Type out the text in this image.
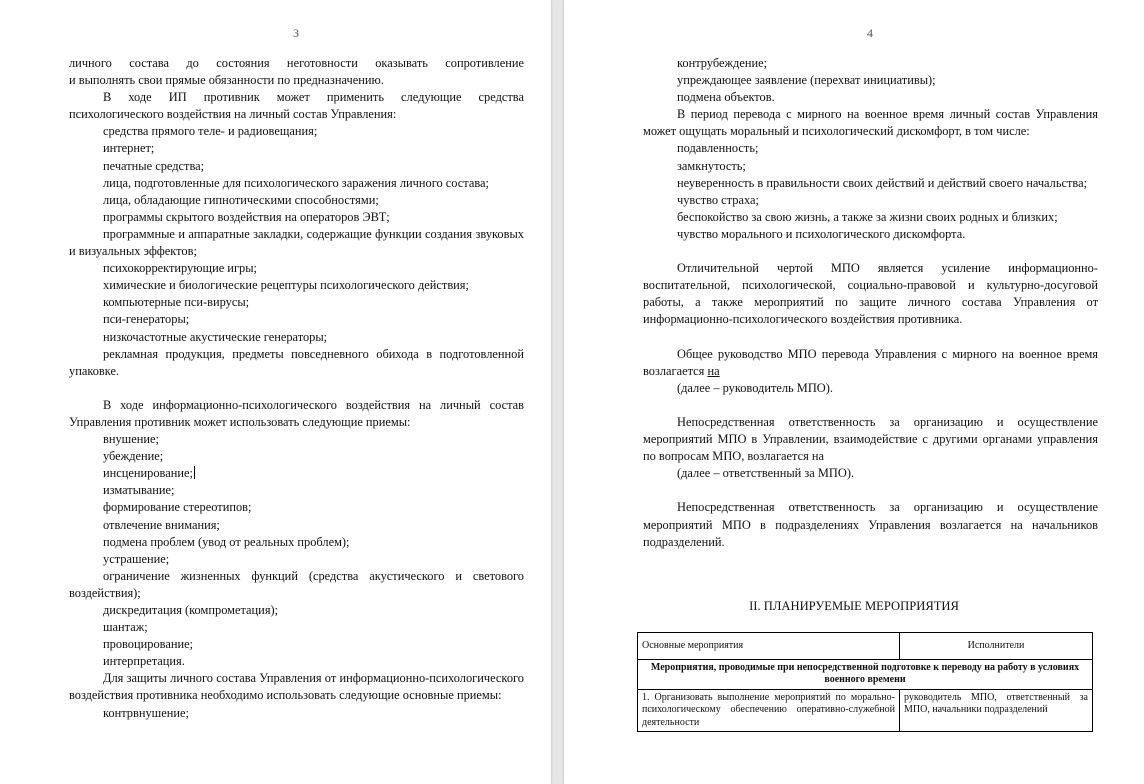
3

личного состава до состояния неготовности оказывать сопротивление

и выполнять свои прямые обязанности по предназначению.

В ходе ИП противник может применить следующие средства психологического воздействия на личный состав Управления:

средства прямого теле- и радиовещания;

интернет;

печатные средства;

лица, подготовленные для психологического заражения личного состава;

лица, обладающие гипнотическими способностями;

программы скрытого воздействия на операторов ЭВТ;

программные и аппаратные закладки, содержащие функции создания звуковых и визуальных эффектов;

психокорректирующие игры;

химические и биологические рецептуры психологического действия;

компьютерные пси-вирусы;

пси-генераторы;

низкочастотные акустические генераторы;

рекламная продукция, предметы повседневного обихода в подготовленной упаковке.

В ходе информационно-психологического воздействия на личный состав Управления противник может использовать следующие приемы:

внушение;

убеждение;

инсценирование;

изматывание;

формирование стереотипов;

отвлечение внимания;

подмена проблем (увод от реальных проблем);

устрашение;

ограничение жизненных функций (средства акустического и светового воздействия);

дискредитация (компрометация);

шантаж;

провоцирование;

интерпретация.

Для защиты личного состава Управления от информационно-психологического воздействия противника необходимо использовать следующие основные приемы:

контрвнушение;

4

контрубеждение;

упреждающее заявление (перехват инициативы);

подмена объектов.

В период перевода с мирного на военное время личный состав Управления может ощущать моральный и психологический дискомфорт, в том числе:

подавленность;

замкнутость;

неуверенность в правильности своих действий и действий своего начальства;

чувство страха;

беспокойство за свою жизнь, а также за жизни своих родных и близких;

чувство морального и психологического дискомфорта.

Отличительной чертой МПО является усиление информационно-воспитательной, психологической, социально-правовой и культурно-досуговой работы, а также мероприятий по защите личного состава Управления от информационно-психологического воздействия противника.

Общее руководство МПО перевода Управления с мирного на военное время возлагается на

(далее – руководитель МПО).

Непосредственная ответственность за организацию и осуществление мероприятий МПО в Управлении, взаимодействие с другими органами управления по вопросам МПО, возлагается на

(далее – ответственный за МПО).

Непосредственная ответственность за организацию и осуществление мероприятий МПО в подразделениях Управления возлагается на начальников подразделений.

II. ПЛАНИРУЕМЫЕ МЕРОПРИЯТИЯ

Основные мероприятия	Исполнители
Мероприятия, проводимые при непосредственной подготовке к переводу на работу в условиях военного времени	
1. Организовать выполнение мероприятий по морально-психологическому обеспечению оперативно-служебной деятельности	руководитель МПО, ответственный за МПО, начальники подразделений
